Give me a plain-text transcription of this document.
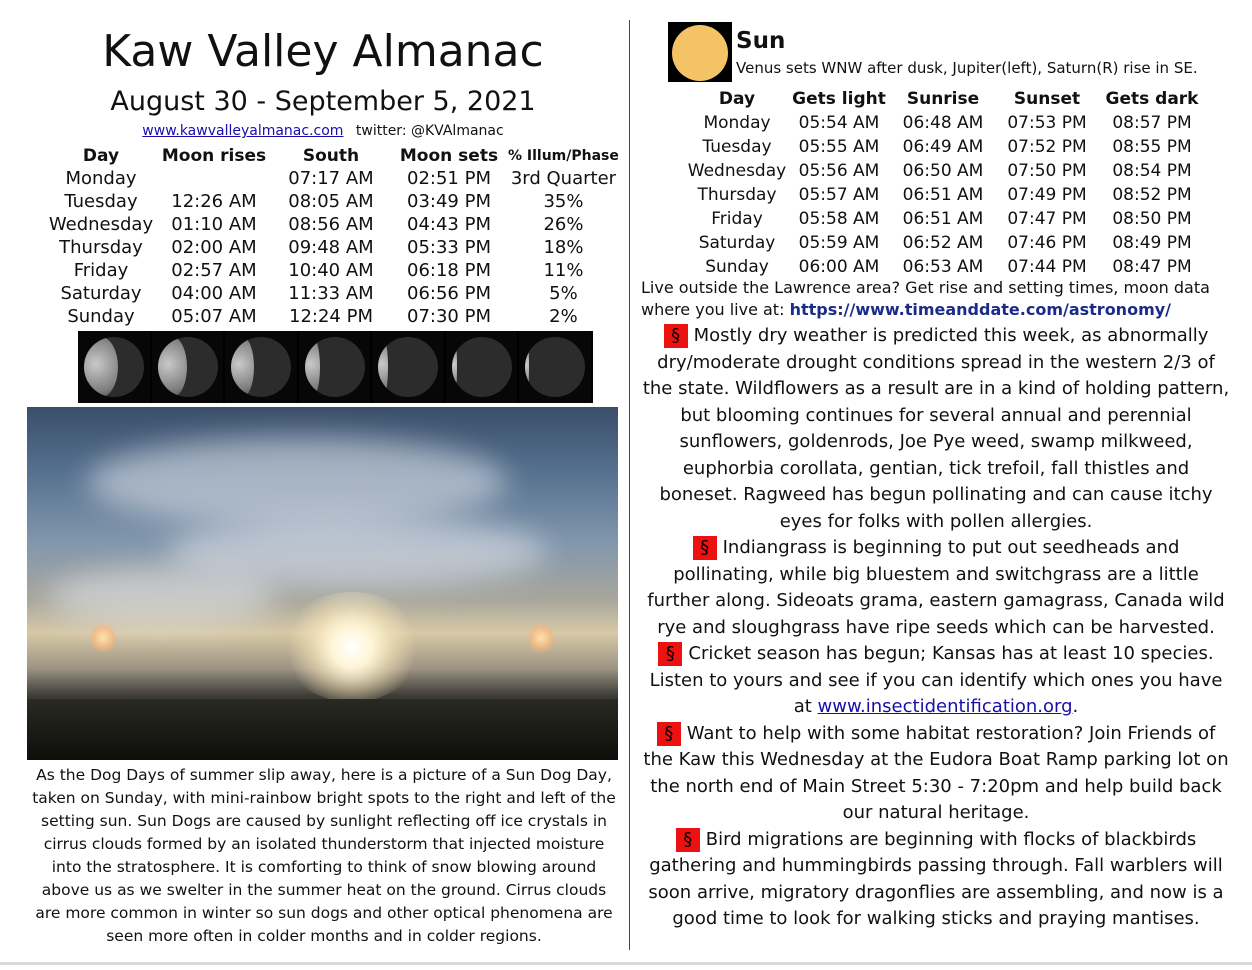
Kaw Valley Almanac
August 30 - September 5, 2021
www.kawvalleyalmanac.com twitter: @KVAlmanac
Day	Moon rises	South	Moon sets	% Illum/Phase
Monday		07:17 AM	02:51 PM	3rd Quarter
Tuesday	12:26 AM	08:05 AM	03:49 PM	35%
Wednesday	01:10 AM	08:56 AM	04:43 PM	26%
Thursday	02:00 AM	09:48 AM	05:33 PM	18%
Friday	02:57 AM	10:40 AM	06:18 PM	11%
Saturday	04:00 AM	11:33 AM	06:56 PM	5%
Sunday	05:07 AM	12:24 PM	07:30 PM	2%
As the Dog Days of summer slip away, here is a picture of a Sun Dog Day, taken on Sunday, with mini-rainbow bright spots to the right and left of the setting sun. Sun Dogs are caused by sunlight reflecting off ice crystals in cirrus clouds formed by an isolated thunderstorm that injected moisture into the stratosphere. It is comforting to think of snow blowing around above us as we swelter in the summer heat on the ground. Cirrus clouds are more common in winter so sun dogs and other optical phenomena are seen more often in colder months and in colder regions.
Sun
Venus sets WNW after dusk, Jupiter(left), Saturn(R) rise in SE.
Day	Gets light	Sunrise	Sunset	Gets dark
Monday	05:54 AM	06:48 AM	07:53 PM	08:57 PM
Tuesday	05:55 AM	06:49 AM	07:52 PM	08:55 PM
Wednesday	05:56 AM	06:50 AM	07:50 PM	08:54 PM
Thursday	05:57 AM	06:51 AM	07:49 PM	08:52 PM
Friday	05:58 AM	06:51 AM	07:47 PM	08:50 PM
Saturday	05:59 AM	06:52 AM	07:46 PM	08:49 PM
Sunday	06:00 AM	06:53 AM	07:44 PM	08:47 PM
Live outside the Lawrence area? Get rise and setting times, moon data where you live at: https://www.timeanddate.com/astronomy/

§ Mostly dry weather is predicted this week, as abnormally dry/moderate drought conditions spread in the western 2/3 of the state. Wildflowers as a result are in a kind of holding pattern, but blooming continues for several annual and perennial sunflowers, goldenrods, Joe Pye weed, swamp milkweed, euphorbia corollata, gentian, tick trefoil, fall thistles and boneset. Ragweed has begun pollinating and can cause itchy eyes for folks with pollen allergies.

§ Indiangrass is beginning to put out seedheads and pollinating, while big bluestem and switchgrass are a little further along. Sideoats grama, eastern gamagrass, Canada wild rye and sloughgrass have ripe seeds which can be harvested.

§ Cricket season has begun; Kansas has at least 10 species. Listen to yours and see if you can identify which ones you have at www.insectidentification.org.

§ Want to help with some habitat restoration? Join Friends of the Kaw this Wednesday at the Eudora Boat Ramp parking lot on the north end of Main Street 5:30 - 7:20pm and help build back our natural heritage.

§ Bird migrations are beginning with flocks of blackbirds gathering and hummingbirds passing through. Fall warblers will soon arrive, migratory dragonflies are assembling, and now is a good time to look for walking sticks and praying mantises.
